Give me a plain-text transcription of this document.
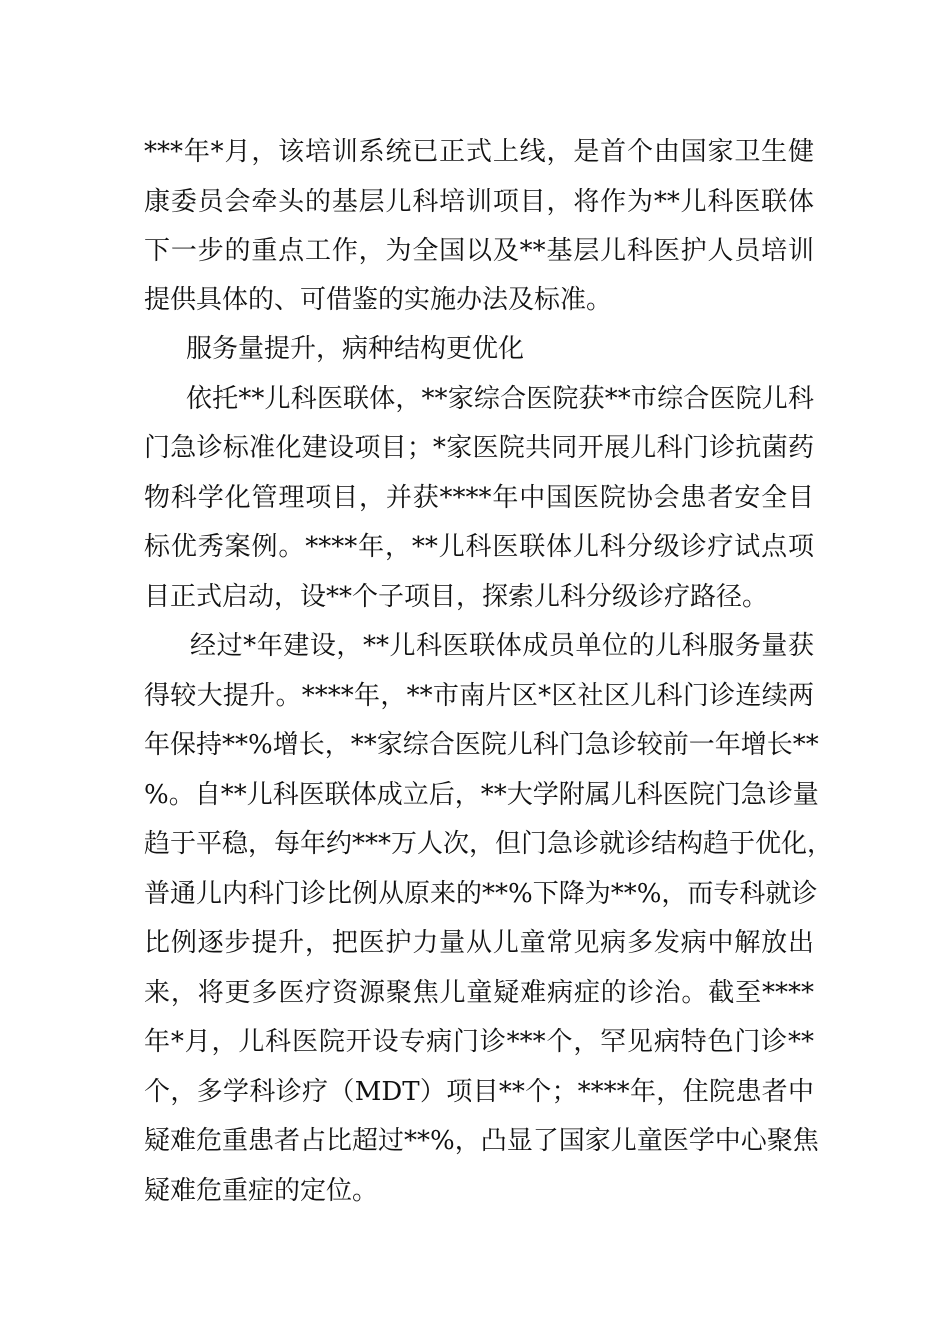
***年*月，该培训系统已正式上线，是首个由国家卫生健
康委员会牵头的基层儿科培训项目，将作为**儿科医联体
下一步的重点工作，为全国以及**基层儿科医护人员培训
提供具体的、可借鉴的实施办法及标准。
服务量提升，病种结构更优化
依托**儿科医联体，**家综合医院获**市综合医院儿科
门急诊标准化建设项目；*家医院共同开展儿科门诊抗菌药
物科学化管理项目，并获****年中国医院协会患者安全目
标优秀案例。****年，**儿科医联体儿科分级诊疗试点项
目正式启动，设**个子项目，探索儿科分级诊疗路径。
经过*年建设，**儿科医联体成员单位的儿科服务量获
得较大提升。****年，**市南片区*区社区儿科门诊连续两
年保持**%增长，**家综合医院儿科门急诊较前一年增长**
%。自**儿科医联体成立后，**大学附属儿科医院门急诊量
趋于平稳，每年约***万人次，但门急诊就诊结构趋于优化，
普通儿内科门诊比例从原来的**%下降为**%，而专科就诊
比例逐步提升，把医护力量从儿童常见病多发病中解放出
来，将更多医疗资源聚焦儿童疑难病症的诊治。截至****
年*月，儿科医院开设专病门诊***个，罕见病特色门诊**
个，多学科诊疗（MDT）项目**个；****年，住院患者中
疑难危重患者占比超过**%，凸显了国家儿童医学中心聚焦
疑难危重症的定位。
